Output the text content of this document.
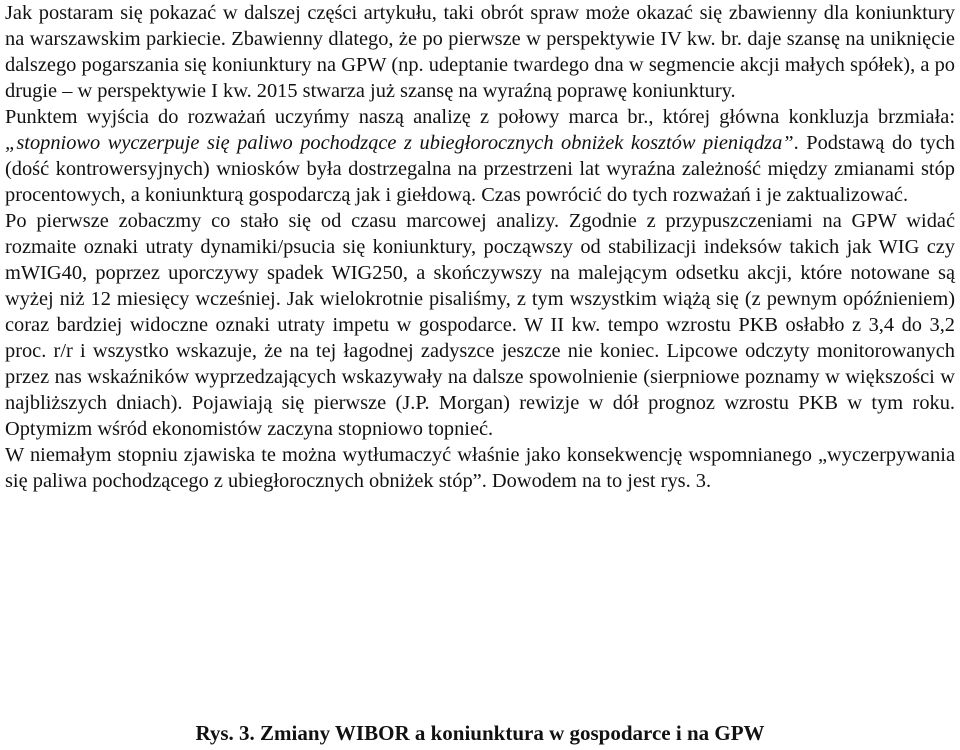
Jak postaram się pokazać w dalszej części artykułu, taki obrót spraw może okazać się zbawienny dla koniunktury na warszawskim parkiecie. Zbawienny dlatego, że po pierwsze w perspektywie IV kw. br. daje szansę na uniknięcie dalszego pogarszania się koniunktury na GPW (np. udeptanie twardego dna w segmencie akcji małych spółek), a po drugie – w perspektywie I kw. 2015 stwarza już szansę na wyraźną poprawę koniunktury.

Punktem wyjścia do rozważań uczyńmy naszą analizę z połowy marca br., której główna konkluzja brzmiała: „stopniowo wyczerpuje się paliwo pochodzące z ubiegłorocznych obniżek kosztów pieniądza”. Podstawą do tych (dość kontrowersyjnych) wniosków była dostrzegalna na przestrzeni lat wyraźna zależność między zmianami stóp procentowych, a koniunkturą gospodarczą jak i giełdową. Czas powrócić do tych rozważań i je zaktualizować.

Po pierwsze zobaczmy co stało się od czasu marcowej analizy. Zgodnie z przypuszczeniami na GPW widać rozmaite oznaki utraty dynamiki/psucia się koniunktury, począwszy od stabilizacji indeksów takich jak WIG czy mWIG40, poprzez uporczywy spadek WIG250, a skończywszy na malejącym odsetku akcji, które notowane są wyżej niż 12 miesięcy wcześniej. Jak wielokrotnie pisaliśmy, z tym wszystkim wiążą się (z pewnym opóźnieniem) coraz bardziej widoczne oznaki utraty impetu w gospodarce. W II kw. tempo wzrostu PKB osłabło z 3,4 do 3,2 proc. r/r i wszystko wskazuje, że na tej łagodnej zadyszce jeszcze nie koniec. Lipcowe odczyty monitorowanych przez nas wskaźników wyprzedzających wskazywały na dalsze spowolnienie (sierpniowe poznamy w większości w najbliższych dniach). Pojawiają się pierwsze (J.P. Morgan) rewizje w dół prognoz wzrostu PKB w tym roku. Optymizm wśród ekonomistów zaczyna stopniowo topnieć.

W niemałym stopniu zjawiska te można wytłumaczyć właśnie jako konsekwencję wspomnianego „wyczerpywania się paliwa pochodzącego z ubiegłorocznych obniżek stóp”. Dowodem na to jest rys. 3.

Rys. 3. Zmiany WIBOR a koniunktura w gospodarce i na GPW
